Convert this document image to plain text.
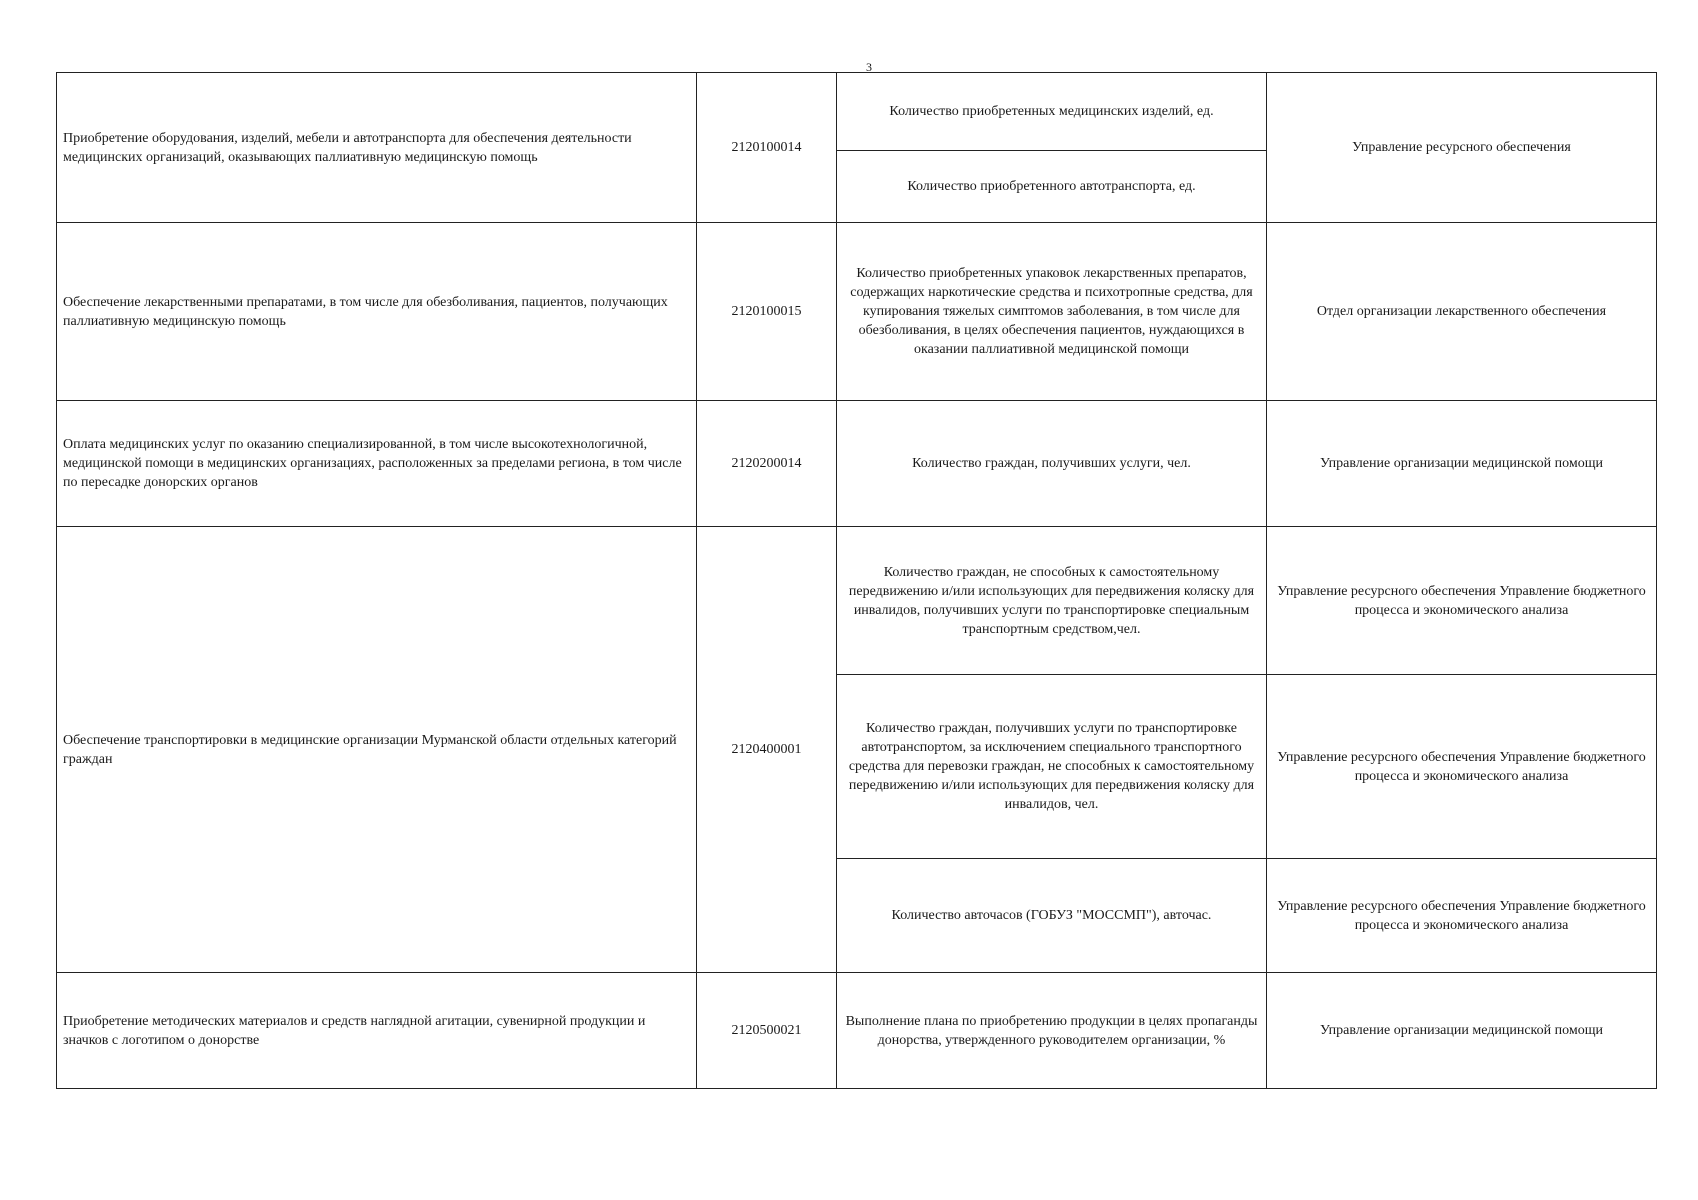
3
Приобретение оборудования, изделий, мебели и автотранспорта для обеспечения деятельности медицинских организаций, оказывающих паллиативную медицинскую помощь	2120100014	Количество приобретенных медицинских изделий, ед.	Управление ресурсного обеспечения
		Количество приобретенного автотранспорта, ед.	
Обеспечение лекарственными препаратами, в том числе для обезболивания, пациентов, получающих паллиативную медицинскую помощь	2120100015	Количество приобретенных упаковок лекарственных препаратов, содержащих наркотические средства и психотропные средства, для купирования тяжелых симптомов заболевания, в том числе для обезболивания, в целях обеспечения пациентов, нуждающихся в оказании паллиативной медицинской помощи	Отдел организации лекарственного обеспечения
Оплата медицинских услуг по оказанию специализированной, в том числе высокотехнологичной, медицинской помощи в медицинских организациях, расположенных за пределами региона, в том числе по пересадке донорских органов	2120200014	Количество граждан, получивших услуги, чел.	Управление организации медицинской помощи
Обеспечение транспортировки в медицинские организации Мурманской области отдельных категорий граждан	2120400001	Количество граждан, не способных к самостоятельному передвижению и/или использующих для передвижения коляску для инвалидов, получивших услуги по транспортировке специальным транспортным средством,чел.	Управление ресурсного обеспечения Управление бюджетного процесса и экономического анализа
		Количество граждан, получивших услуги по транспортировке автотранспортом, за исключением специального транспортного средства для перевозки граждан, не способных к самостоятельному передвижению и/или использующих для передвижения коляску для инвалидов, чел.	Управление ресурсного обеспечения Управление бюджетного процесса и экономического анализа
		Количество авточасов (ГОБУЗ "МОССМП"), авточас.	Управление ресурсного обеспечения Управление бюджетного процесса и экономического анализа
Приобретение методических материалов и средств наглядной агитации, сувенирной продукции и значков с логотипом о донорстве	2120500021	Выполнение плана по приобретению продукции в целях пропаганды донорства, утвержденного руководителем организации, %	Управление организации медицинской помощи
